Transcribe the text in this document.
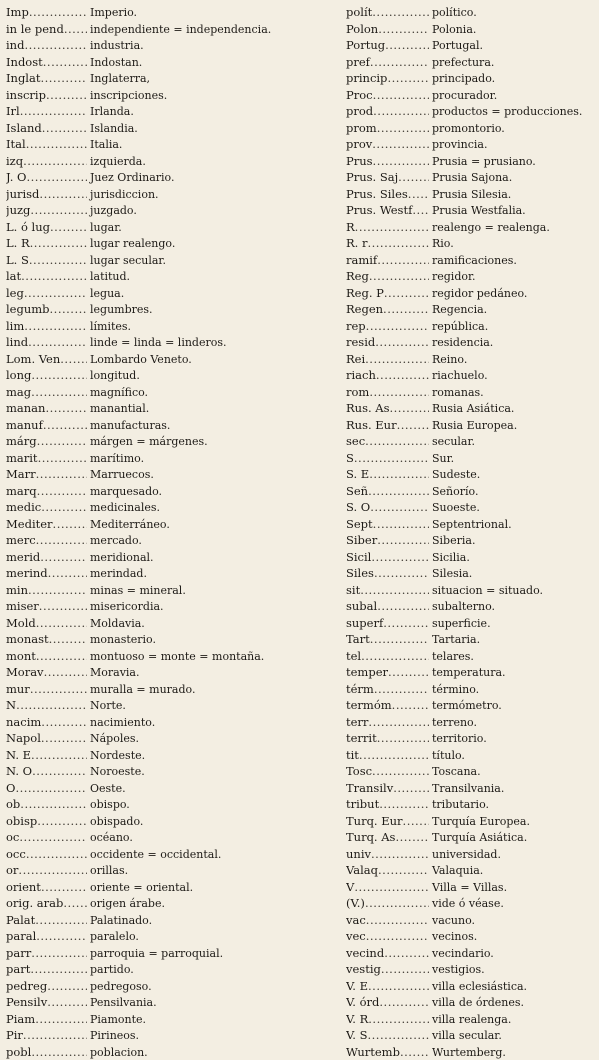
Imp .....	Imperio.
in le pend ..... independiente = independencia.
ind .....	industria.
Indost .....	Indostan.
Inglat .....	Inglaterra,
inscrip .....	inscripciones.
Irl .....	Irlanda.
Island .....	Islandia.
Ital .....	Italia.
izq .....	izquierda.
J. O .....	Juez Ordinario.
jurisd .....	jurisdiccion.
juzg .....	juzgado.
L. ó lug .....	lugar.
L. R .....	lugar realengo.
L. S .....	lugar secular.
lat .....	latitud.
leg .....	legua.
legumb .....	legumbres.
lim .....	límites.
lind .....	linde = linda = linderos.
Lom. Ven .....	Lombardo Veneto.
long .....	longitud.
mag .....	magnífico.
manan .....	manantial.
manuf .....	manufacturas.
márg .....	márgen = márgenes.
marit .....	marítimo.
Marr .....	Marruecos.
marq .....	marquesado.
medic .....	medicinales.
Mediter .....	Mediterráneo.
merc .....	mercado.
merid .....	meridional.
merind .....	merindad.
min .....	minas = mineral.
miser .....	misericordia.
Mold .....	Moldavia.
monast .....	monasterio.
mont .....	montuoso = monte = montaña.
Morav .....	Moravia.
mur .....	muralla = murado.
N .....	Norte.
nacim .....	nacimiento.
Napol .....	Nápoles.
N. E .....	Nordeste.
N. O .....	Noroeste.
O .....	Oeste.
ob .....	obispo.
obisp .....	obispado.
oc .....	océano.
occ .....	occidente = occidental.
or .....	orillas.
orient .....	oriente = oriental.
orig. arab ..... origen árabe.
Palat .....	Palatinado.
paral .....	paralelo.
parr .....	parroquia = parroquial.
part .....	partido.
pedreg .....	pedregoso.
Pensilv .....	Pensilvania.
Piam .....	Piamonte.
Pir .....	Pirineos.
pobl .....	poblacion.
polít .....	político.
Polon .....	Polonia.
Portug .....	Portugal.
pref .....	prefectura.
princip .....	principado.
Proc .....	procurador.
prod .....	productos = producciones.
prom .....	promontorio.
prov .....	provincia.
Prus .....	Prusia = prusiano.
Prus. Saj .....	Prusia Sajona.
Prus. Siles ..... Prusia Silesia.
Prus. Westf ..... Prusia Westfalia.
R .....	realengo = realenga.
R. r .....	Rio.
ramif .....	ramificaciones.
Reg .....	regidor.
Reg. P .....	regidor pedáneo.
Regen .....	Regencia.
rep .....	república.
resid .....	residencia.
Rei .....	Reino.
riach .....	riachuelo.
rom .....	romanas.
Rus. As .....	Rusia Asiática.
Rus. Eur .....	Rusia Europea.
sec .....	secular.
S .....	Sur.
S. E .....	Sudeste.
Señ .....	Señorío.
S. O .....	Suoeste.
Sept .....	Septentrional.
Siber .....	Siberia.
Sicil .....	Sicilia.
Siles .....	Silesia.
sit .....	situacion = situado.
subal .....	subalterno.
superf .....	superficie.
Tart .....	Tartaria.
tel .....	telares.
temper .....	temperatura.
térm .....	término.
termóm .....	termómetro.
terr .....	terreno.
territ .....	territorio.
tit .....	título.
Tosc .....	Toscana.
Transilv .....	Transilvania.
tribut .....	tributario.
Turq. Eur .....	Turquía Europea.
Turq. As .....	Turquía Asiática.
univ .....	universidad.
Valaq .....	Valaquia.
V .....	Villa = Villas.
(V.) .....	vide ó véase.
vac .....	vacuno.
vec .....	vecinos.
vecind .....	vecindario.
vestig .....	vestigios.
V. E .....	villa eclesiástica.
V. órd .....	villa de órdenes.
V. R .....	villa realenga.
V. S .....	villa secular.
Wurtemb .....	Wurtemberg.
